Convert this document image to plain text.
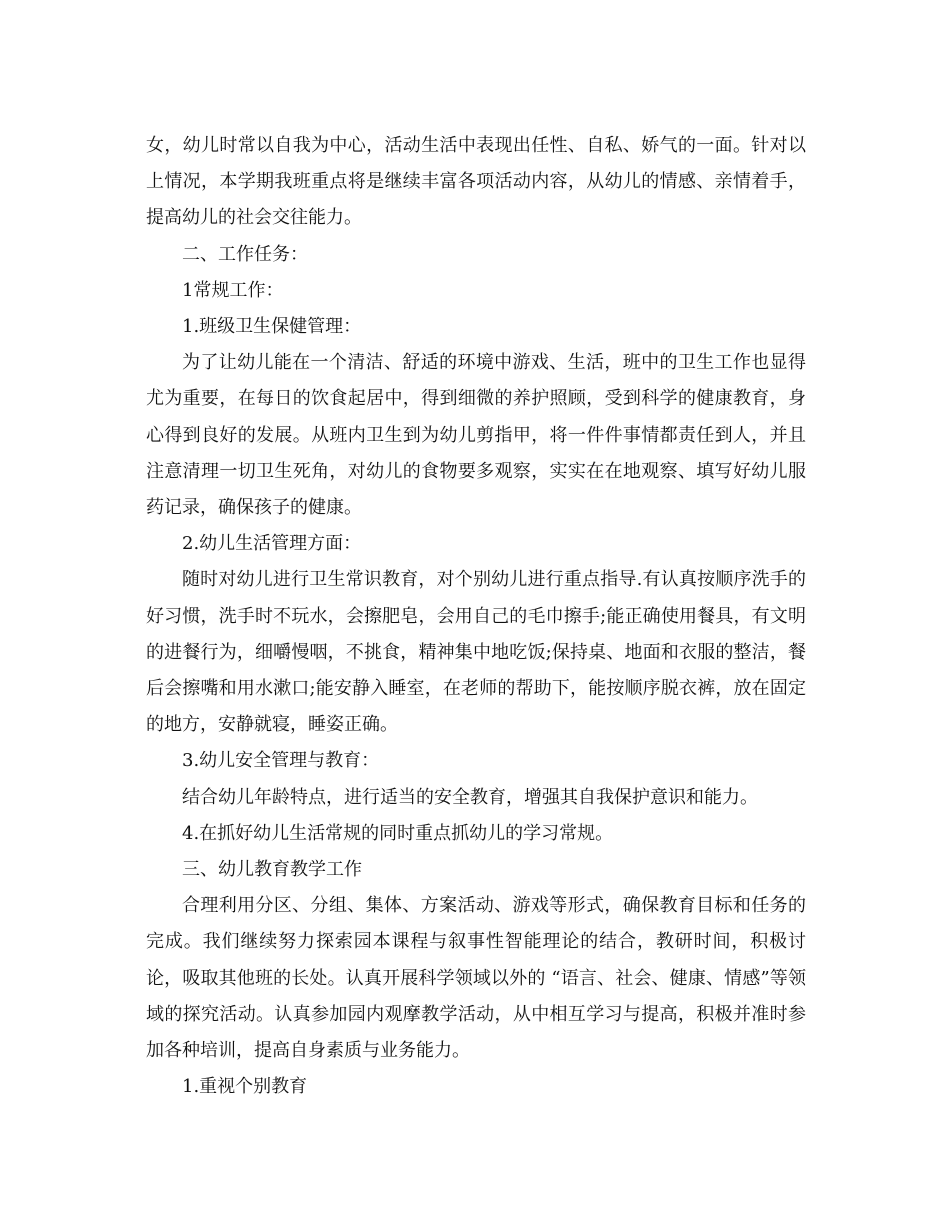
女，幼儿时常以自我为中心，活动生活中表现出任性、自私、娇气的一面。针对以上情况，本学期我班重点将是继续丰富各项活动内容，从幼儿的情感、亲情着手，提高幼儿的社会交往能力。

二、工作任务：

1常规工作：

1.班级卫生保健管理：

为了让幼儿能在一个清洁、舒适的环境中游戏、生活，班中的卫生工作也显得尤为重要，在每日的饮食起居中，得到细微的养护照顾，受到科学的健康教育，身心得到良好的发展。从班内卫生到为幼儿剪指甲，将一件件事情都责任到人，并且注意清理一切卫生死角，对幼儿的食物要多观察，实实在在地观察、填写好幼儿服药记录，确保孩子的健康。

2.幼儿生活管理方面：

随时对幼儿进行卫生常识教育，对个别幼儿进行重点指导.有认真按顺序洗手的好习惯，洗手时不玩水，会擦肥皂，会用自己的毛巾擦手;能正确使用餐具，有文明的进餐行为，细嚼慢咽，不挑食，精神集中地吃饭;保持桌、地面和衣服的整洁，餐后会擦嘴和用水漱口;能安静入睡室，在老师的帮助下，能按顺序脱衣裤，放在固定的地方，安静就寝，睡姿正确。

3.幼儿安全管理与教育：

结合幼儿年龄特点，进行适当的安全教育，增强其自我保护意识和能力。

4.在抓好幼儿生活常规的同时重点抓幼儿的学习常规。

三、幼儿教育教学工作

合理利用分区、分组、集体、方案活动、游戏等形式，确保教育目标和任务的完成。我们继续努力探索园本课程与叙事性智能理论的结合，教研时间，积极讨论，吸取其他班的长处。认真开展科学领域以外的 “语言、社会、健康、情感”等领域的探究活动。认真参加园内观摩教学活动，从中相互学习与提高，积极并准时参加各种培训，提高自身素质与业务能力。

1.重视个别教育
